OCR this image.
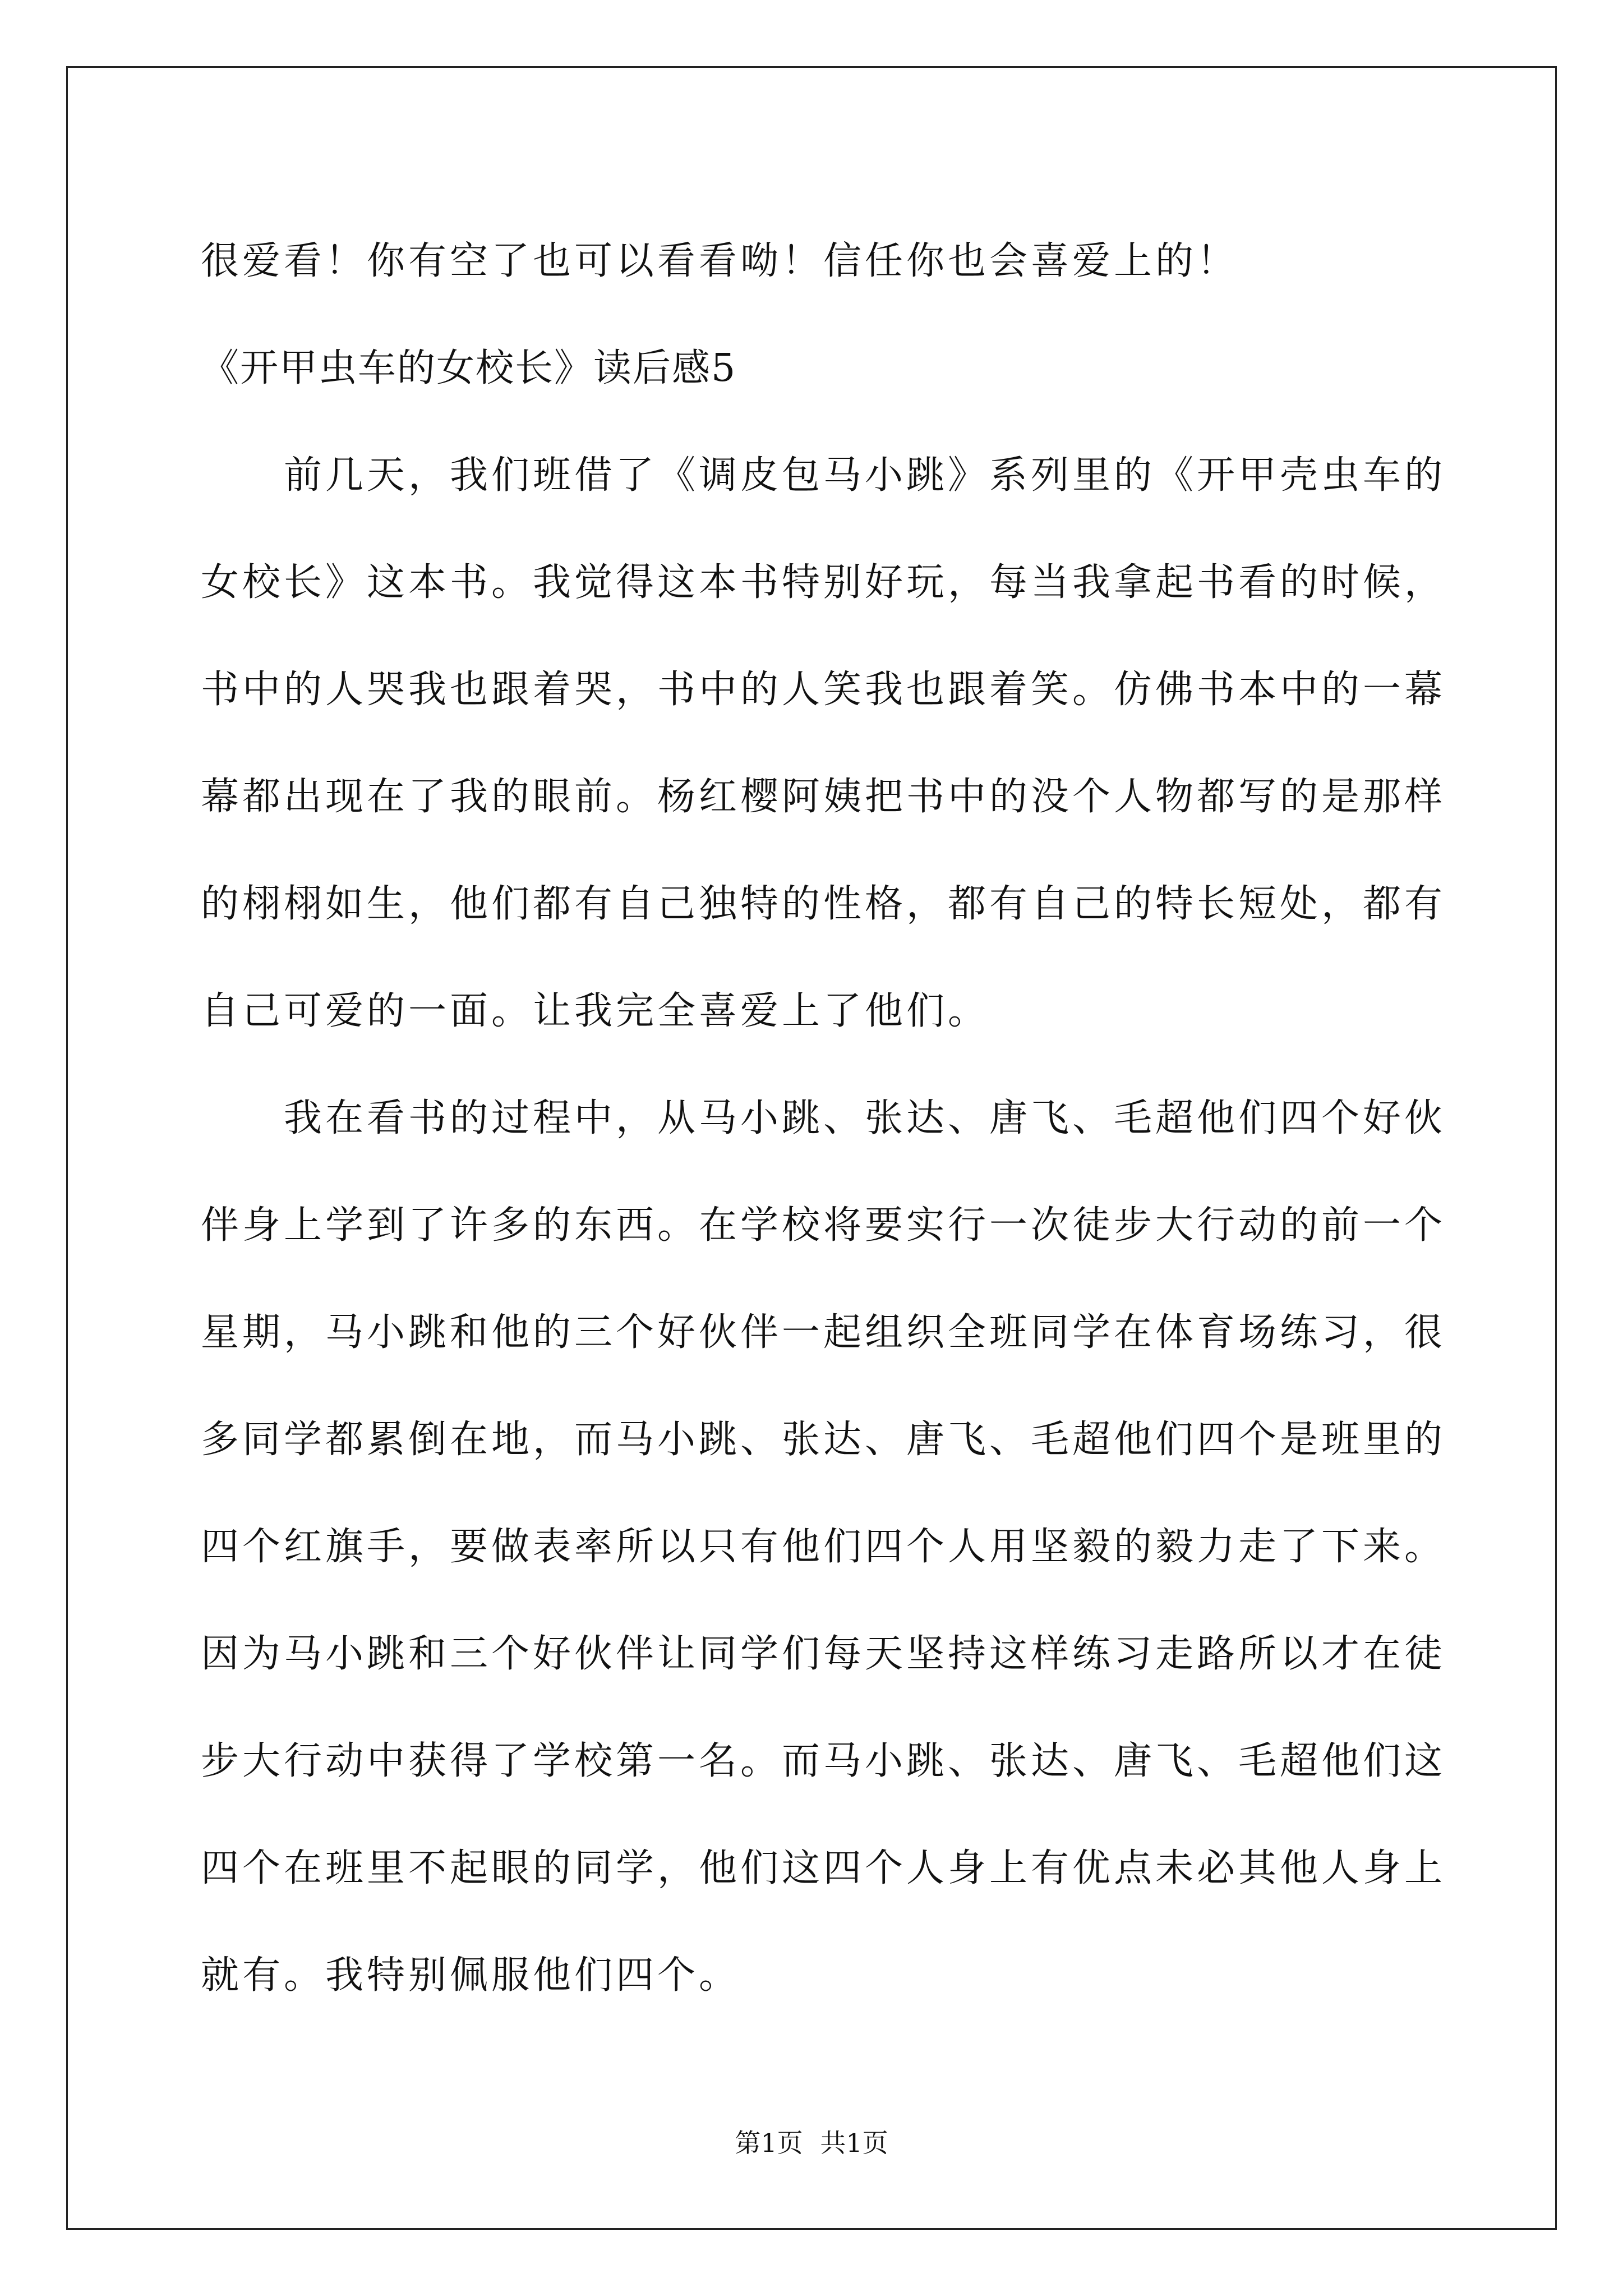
很爱看！你有空了也可以看看呦！信任你也会喜爱上的！

《开甲虫车的女校长》读后感5

前几天，我们班借了《调皮包马小跳》系列里的《开甲壳虫车的

女校长》这本书。我觉得这本书特别好玩，每当我拿起书看的时候，

书中的人哭我也跟着哭，书中的人笑我也跟着笑。仿佛书本中的一幕

幕都出现在了我的眼前。杨红樱阿姨把书中的没个人物都写的是那样

的栩栩如生，他们都有自己独特的性格，都有自己的特长短处，都有

自己可爱的一面。让我完全喜爱上了他们。

我在看书的过程中，从马小跳、张达、唐飞、毛超他们四个好伙

伴身上学到了许多的东西。在学校将要实行一次徒步大行动的前一个

星期，马小跳和他的三个好伙伴一起组织全班同学在体育场练习，很

多同学都累倒在地，而马小跳、张达、唐飞、毛超他们四个是班里的

四个红旗手，要做表率所以只有他们四个人用坚毅的毅力走了下来。

因为马小跳和三个好伙伴让同学们每天坚持这样练习走路所以才在徒

步大行动中获得了学校第一名。而马小跳、张达、唐飞、毛超他们这

四个在班里不起眼的同学，他们这四个人身上有优点未必其他人身上

就有。我特别佩服他们四个。

第1页 共1页
